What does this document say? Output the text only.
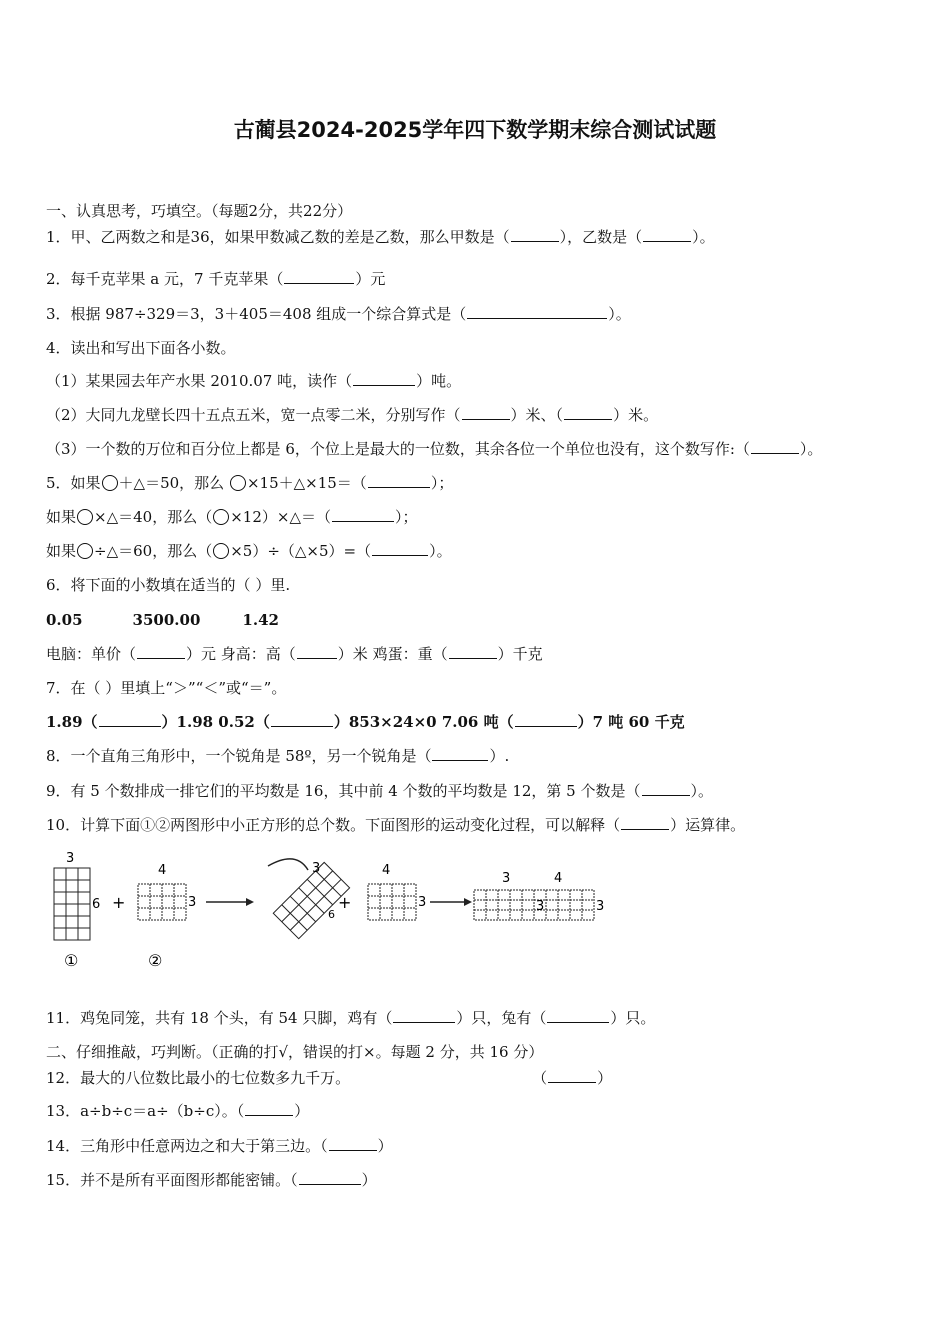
古蔺县2024-2025学年四下数学期末综合测试试题
一、认真思考，巧填空。（每题2分，共22分）
1．甲、乙两数之和是36，如果甲数减乙数的差是乙数，那么甲数是（	），乙数是（	）。
2．每千克苹果 a 元，7 千克苹果（	）元
3．根据 987÷329＝3，3＋405＝408 组成一个综合算式是（	）。
4．读出和写出下面各小数。
（1）某果园去年产水果 2010.07 吨，读作（	）吨。
（2）大同九龙壁长四十五点五米，宽一点零二米，分别写作（	）米、（	）米。
（3）一个数的万位和百分位上都是 6，个位上是最大的一位数，其余各位一个单位也没有，这个数写作:（	）。
5．如果 ＋△＝50，那么 ×15＋△×15＝（	）；
如果 ×△＝40，那么（ ×12）×△＝（	）；
如果 ÷△＝60，那么（ ×5）÷（△×5）=（	）。
6．将下面的小数填在适当的（ ）里.
0.05	3500.00	1.42
电脑：单价（	）元 身高：高（	）米 鸡蛋：重（	）千克
7．在（ ）里填上“＞”“＜”或“＝”。
1.89（	）1.98 0.52（	）853×24×0 7.06 吨（	）7 吨 60 千克
8．一个直角三角形中，一个锐角是 58º，另一个锐角是（	）.
9．有 5 个数排成一排它们的平均数是 16，其中前 4 个数的平均数是 12，第 5 个数是（	）。
10．计算下面①②两图形中小正方形的总个数。下面图形的运动变化过程，可以解释（	）运算律。
3
6
①
+
4
3
②
3
6
+
4
3
3	4
3	3
11．鸡兔同笼，共有 18 个头，有 54 只脚，鸡有（	）只，兔有（	）只。
二、仔细推敲，巧判断。（正确的打√，错误的打×。每题 2 分，共 16 分）
12．最大的八位数比最小的七位数多九千万。	（	）
13．a÷b÷c＝a÷（b÷c）。（	）
14．三角形中任意两边之和大于第三边。（	）
15．并不是所有平面图形都能密铺。（	）
